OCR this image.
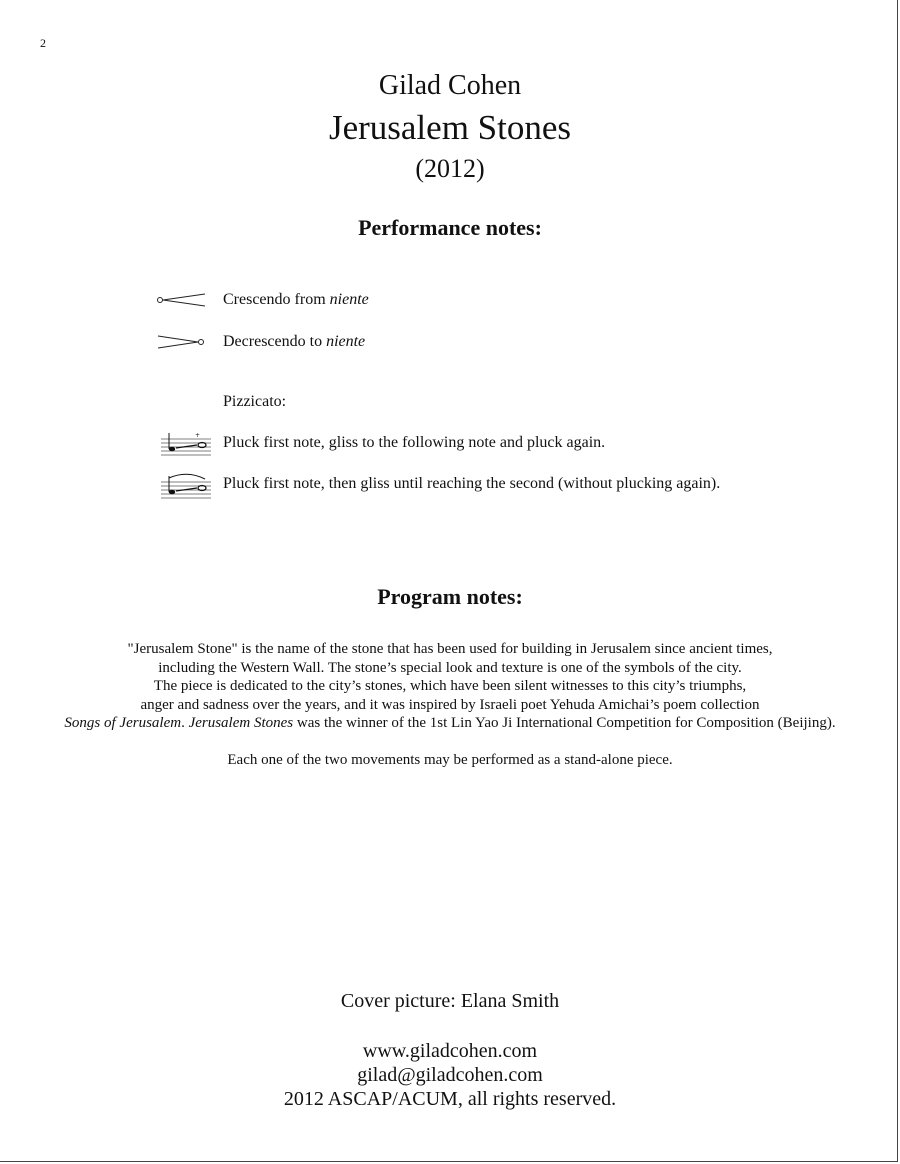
2
Gilad Cohen
Jerusalem Stones
(2012)
Performance notes:
Crescendo from niente
Decrescendo to niente
Pizzicato:
+ Pluck first note, gliss to the following note and pluck again.
Pluck first note, then gliss until reaching the second (without plucking again).
Program notes:
"Jerusalem Stone" is the name of the stone that has been used for building in Jerusalem since ancient times,
including the Western Wall. The stone’s special look and texture is one of the symbols of the city.
The piece is dedicated to the city’s stones, which have been silent witnesses to this city’s triumphs,
anger and sadness over the years, and it was inspired by Israeli poet Yehuda Amichai’s poem collection
Songs of Jerusalem. Jerusalem Stones was the winner of the 1st Lin Yao Ji International Competition for Composition (Beijing).
Each one of the two movements may be performed as a stand-alone piece.
Cover picture: Elana Smith
www.giladcohen.com
gilad@giladcohen.com
2012 ASCAP/ACUM, all rights reserved.
